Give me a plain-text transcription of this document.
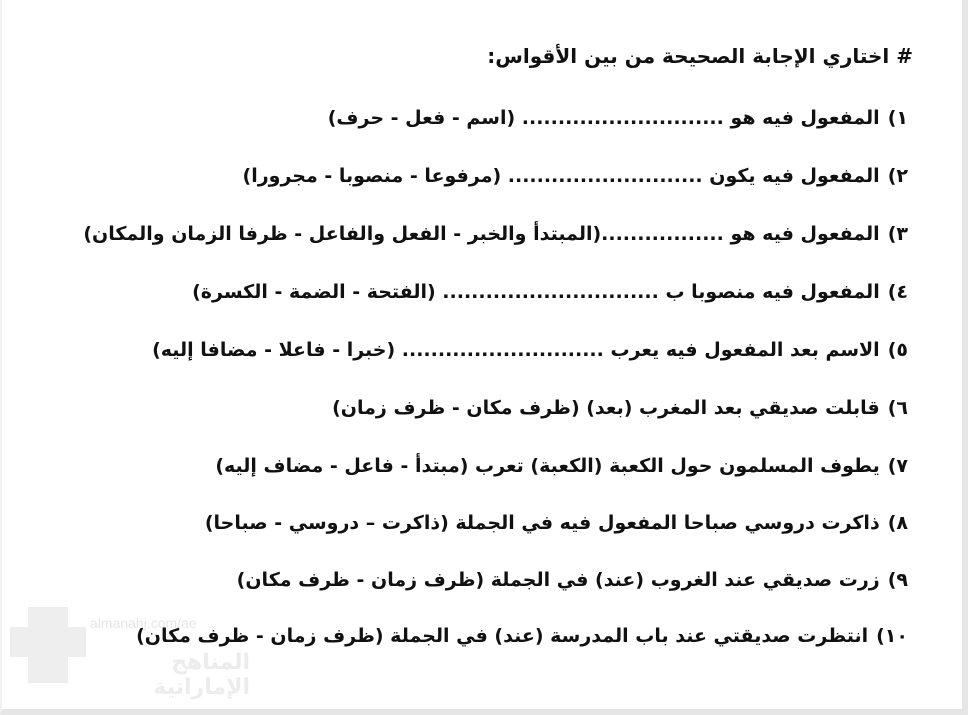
# اختاري الإجابة الصحيحة من بين الأقواس:
١)المفعول فيه هو ............................ (اسم - فعل - حرف)
٢)المفعول فيه يكون ........................... (مرفوعا - منصوبا - مجرورا)
٣)المفعول فيه هو .................(المبتدأ والخبر - الفعل والفاعل - ظرفا الزمان والمكان)
٤)المفعول فيه منصوبا ب .............................. (الفتحة - الضمة - الكسرة)
٥)الاسم بعد المفعول فيه يعرب ............................ (خبرا - فاعلا - مضافا إليه)
٦)قابلت صديقي بعد المغرب (بعد) (ظرف مكان - ظرف زمان)
٧)يطوف المسلمون حول الكعبة (الكعبة) تعرب (مبتدأ - فاعل - مضاف إليه)
٨)ذاكرت دروسي صباحا المفعول فيه في الجملة (ذاكرت – دروسي - صباحا)
٩)زرت صديقي عند الغروب (عند) في الجملة (ظرف زمان - ظرف مكان)
١٠)انتظرت صديقتي عند باب المدرسة (عند) في الجملة (ظرف زمان - ظرف مكان)
almanahj.com/ae
المناهج الإماراتية
